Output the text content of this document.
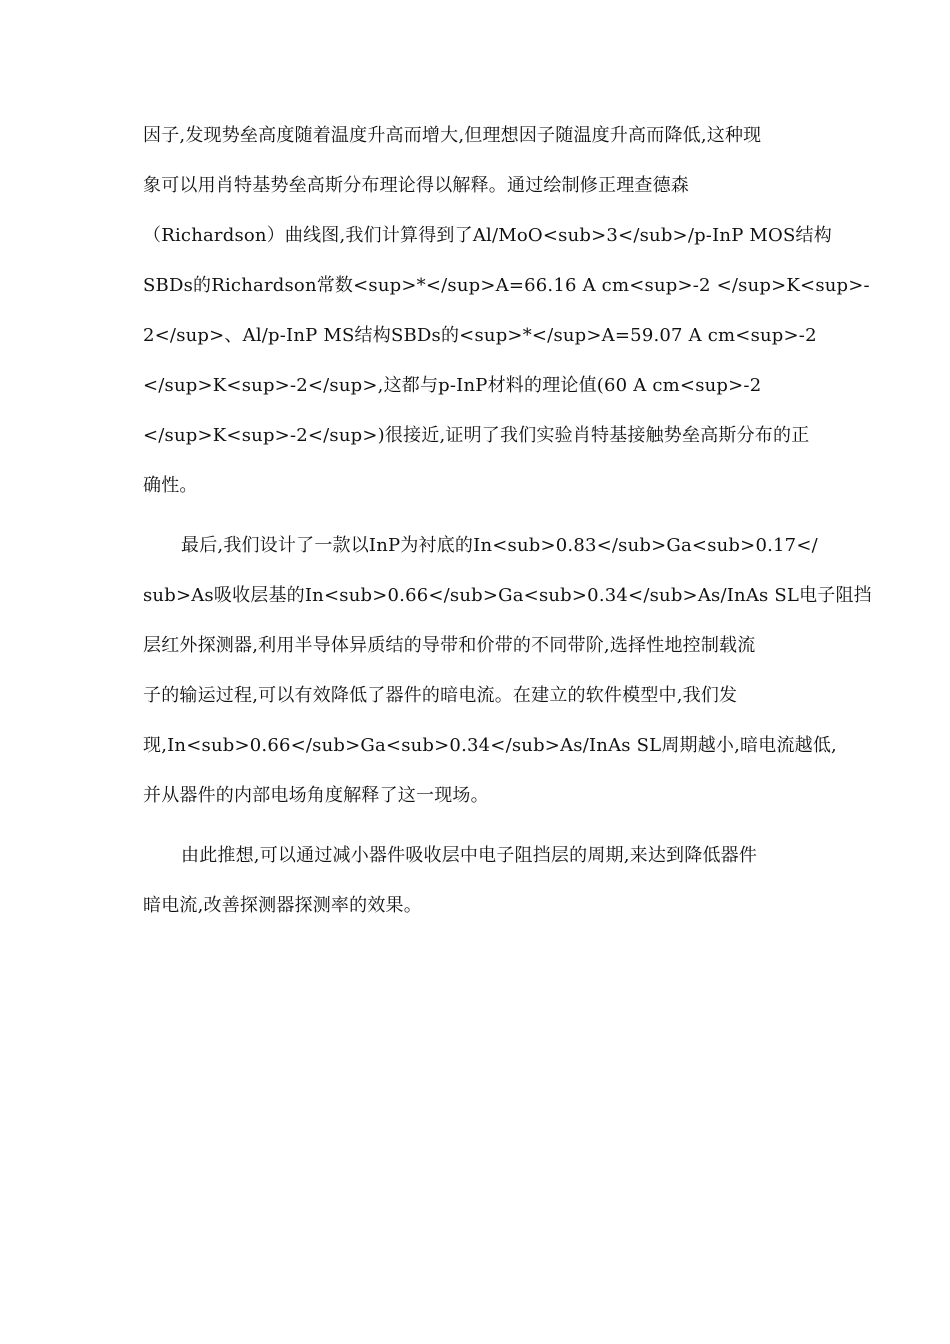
因子,发现势垒高度随着温度升高而增大,但理想因子随温度升高而降低,这种现
象可以用肖特基势垒高斯分布理论得以解释。通过绘制修正理查德森
（Richardson）曲线图,我们计算得到了Al/MoO<sub>3</sub>/p-InP MOS结构
SBDs的Richardson常数<sup>*</sup>A=66.16 A cm<sup>-2 </sup>K<sup>-
2</sup>、Al/p-InP MS结构SBDs的<sup>*</sup>A=59.07 A cm<sup>-2
</sup>K<sup>-2</sup>,这都与p-InP材料的理论值(60 A cm<sup>-2
</sup>K<sup>-2</sup>)很接近,证明了我们实验肖特基接触势垒高斯分布的正
确性。
最后,我们设计了一款以InP为衬底的In<sub>0.83</sub>Ga<sub>0.17</
sub>As吸收层基的In<sub>0.66</sub>Ga<sub>0.34</sub>As/InAs SL电子阻挡
层红外探测器,利用半导体异质结的导带和价带的不同带阶,选择性地控制载流
子的输运过程,可以有效降低了器件的暗电流。在建立的软件模型中,我们发
现,In<sub>0.66</sub>Ga<sub>0.34</sub>As/InAs SL周期越小,暗电流越低,
并从器件的内部电场角度解释了这一现场。
由此推想,可以通过减小器件吸收层中电子阻挡层的周期,来达到降低器件
暗电流,改善探测器探测率的效果。
